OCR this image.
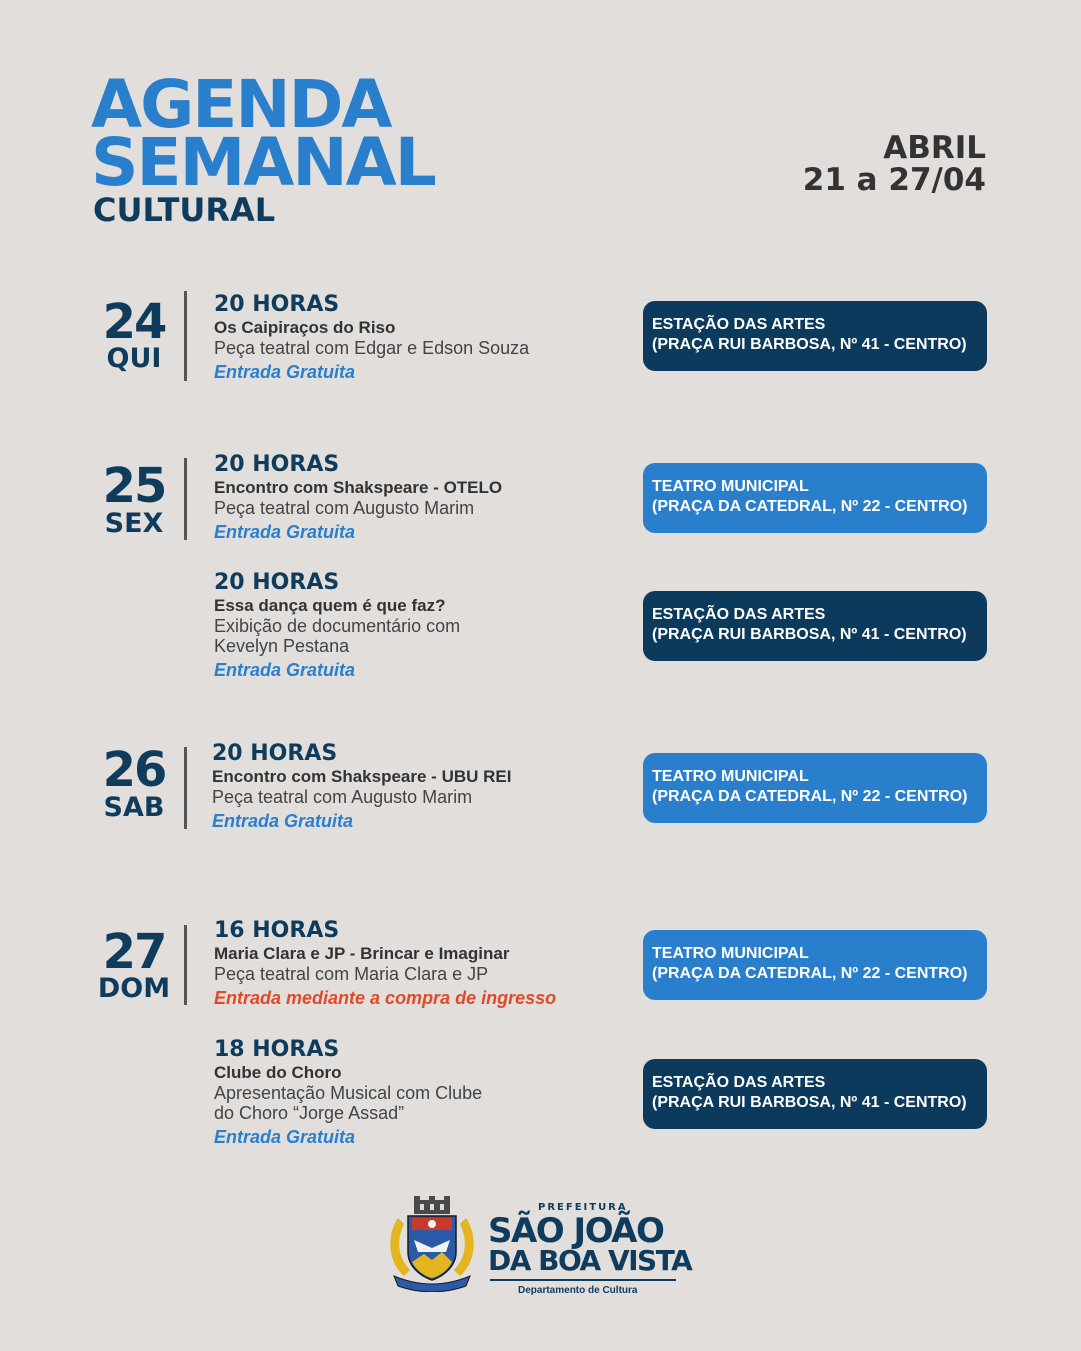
AGENDA
SEMANAL
CULTURAL
ABRIL
21 a 27/04
24
QUI
20 HORAS
Os Caipiraços do Riso
Peça teatral com Edgar e Edson Souza
Entrada Gratuita
ESTAÇÃO DAS ARTES
(PRAÇA RUI BARBOSA, Nº 41 - CENTRO)
25
SEX
20 HORAS
Encontro com Shakspeare - OTELO
Peça teatral com Augusto Marim
Entrada Gratuita
TEATRO MUNICIPAL
(PRAÇA DA CATEDRAL, Nº 22 - CENTRO)
20 HORAS
Essa dança quem é que faz?
Exibição de documentário com
Kevelyn Pestana
Entrada Gratuita
ESTAÇÃO DAS ARTES
(PRAÇA RUI BARBOSA, Nº 41 - CENTRO)
26
SAB
20 HORAS
Encontro com Shakspeare - UBU REI
Peça teatral com Augusto Marim
Entrada Gratuita
TEATRO MUNICIPAL
(PRAÇA DA CATEDRAL, Nº 22 - CENTRO)
27
DOM
16 HORAS
Maria Clara e JP - Brincar e Imaginar
Peça teatral com Maria Clara e JP
Entrada mediante a compra de ingresso
TEATRO MUNICIPAL
(PRAÇA DA CATEDRAL, Nº 22 - CENTRO)
18 HORAS
Clube do Choro
Apresentação Musical com Clube
do Choro “Jorge Assad”
Entrada Gratuita
ESTAÇÃO DAS ARTES
(PRAÇA RUI BARBOSA, Nº 41 - CENTRO)
PREFEITURA
SÃO JOÃO
DA BOA VISTA
Departamento de Cultura
